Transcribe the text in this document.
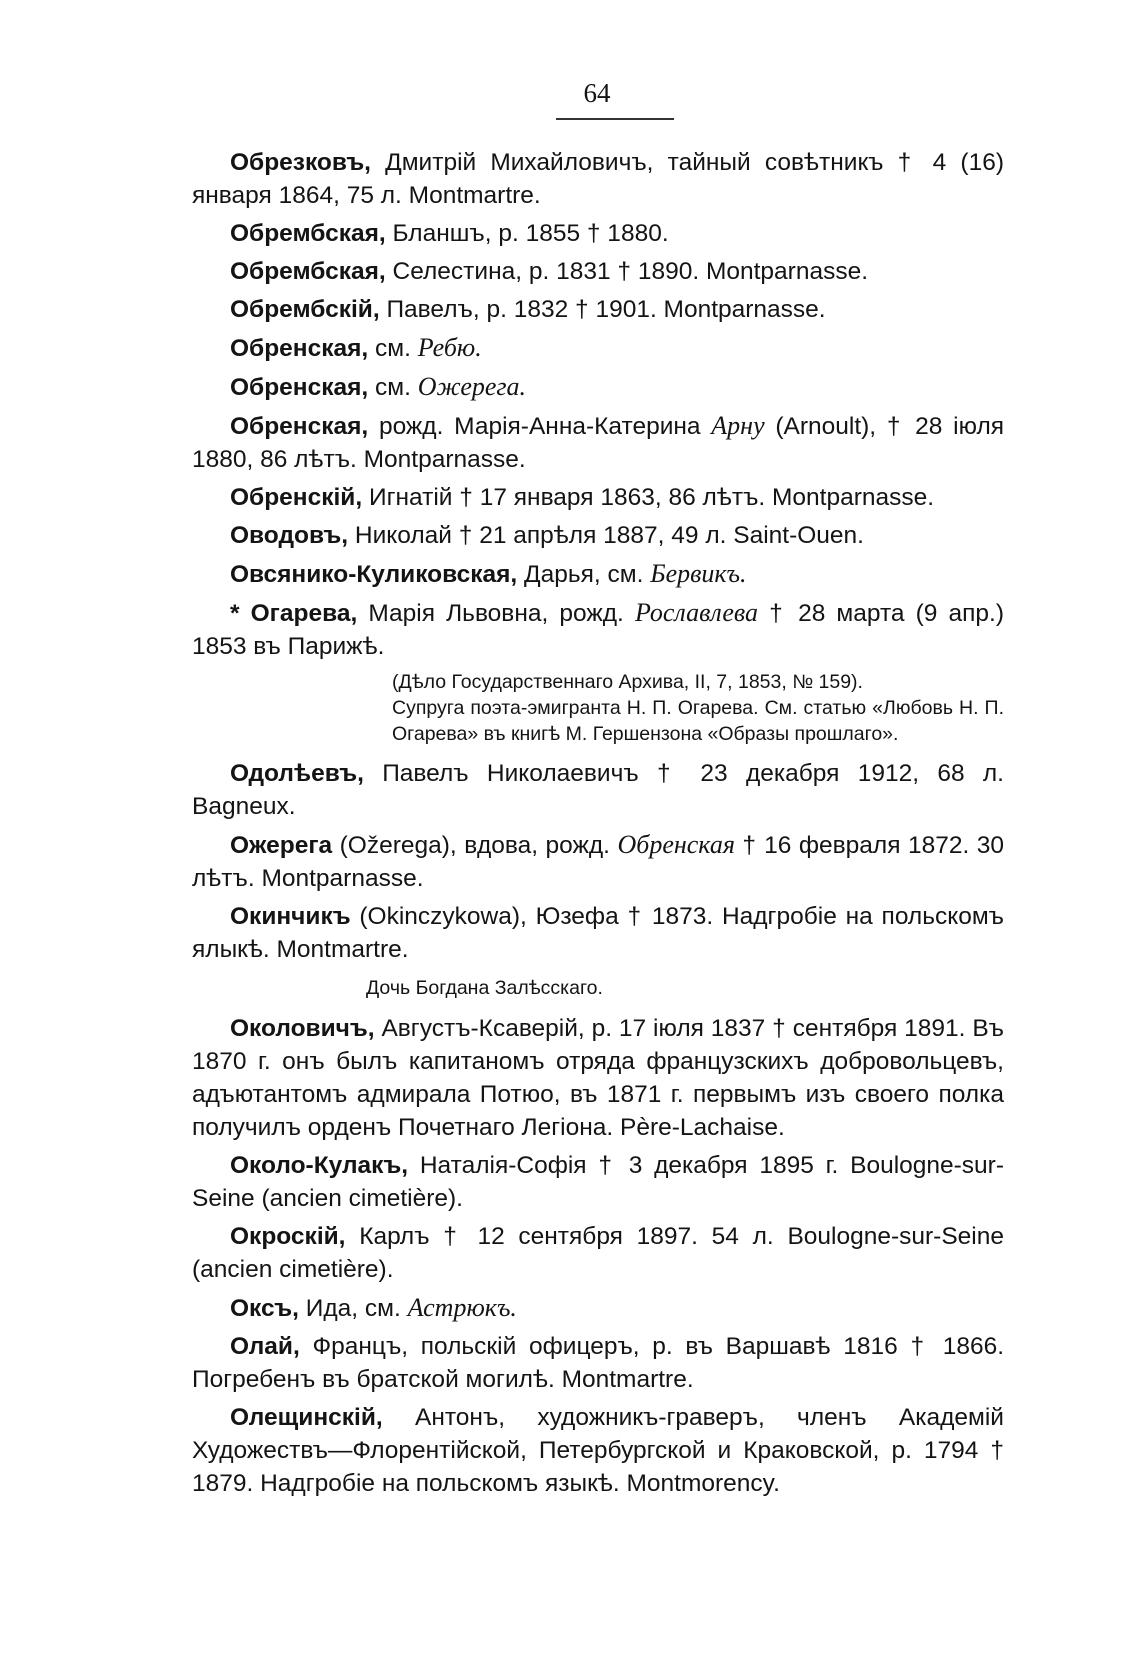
64

Обрезковъ, Дмитрій Михайловичъ, тайный совѣтникъ † 4 (16) января 1864, 75 л. Montmartre.

Обрембская, Бланшъ, р. 1855 † 1880.

Обрембская, Селестина, р. 1831 † 1890. Montparnasse.

Обрембскій, Павелъ, р. 1832 † 1901. Montparnasse.

Обренская, см. Ребю.

Обренская, см. Ожерега.

Обренская, рожд. Марія-Анна-Катерина Арну (Arnoult), † 28 іюля 1880, 86 лѣтъ. Montparnasse.

Обренскій, Игнатій † 17 января 1863, 86 лѣтъ. Montparnasse.

Оводовъ, Николай † 21 апрѣля 1887, 49 л. Saint-Ouen.

Овсянико-Куликовская, Дарья, см. Бервикъ.

* Огарева, Марія Львовна, рожд. Рославлева † 28 марта (9 апр.) 1853 въ Парижѣ.

(Дѣло Государственнаго Архива, II, 7, 1853, № 159).
Супруга поэта-эмигранта Н. П. Огарева. См. статью «Любовь Н. П. Огарева» въ книгѣ М. Гершензона «Образы прошлаго».

Одолѣевъ, Павелъ Николаевичъ † 23 декабря 1912, 68 л. Bagneux.

Ожерега (Ožerega), вдова, рожд. Обренская † 16 февраля 1872. 30 лѣтъ. Montparnasse.

Окинчикъ (Okinczykowa), Юзефа † 1873. Надгробіе на польскомъ ялыкѣ. Montmartre.

Дочь Богдана Залѣсскаго.

Околовичъ, Августъ-Ксаверій, р. 17 іюля 1837 † сентября 1891. Въ 1870 г. онъ былъ капитаномъ отряда французскихъ добровольцевъ, адъютантомъ адмирала Потюо, въ 1871 г. первымъ изъ своего полка получилъ орденъ Почетнаго Легіона. Père-Lachaise.

Около-Кулакъ, Наталія-Софія † 3 декабря 1895 г. Boulogne-sur-Seine (ancien cimetière).

Окроскій, Карлъ † 12 сентября 1897. 54 л. Boulogne-sur-Seine (ancien cimetière).

Оксъ, Ида, см. Астрюкъ.

Олай, Францъ, польскій офицеръ, р. въ Варшавѣ 1816 † 1866. Погребенъ въ братской могилѣ. Montmartre.

Олещинскій, Антонъ, художникъ-граверъ, членъ Академій Художествъ—Флорентійской, Петербургской и Краковской, р. 1794 † 1879. Надгробіе на польскомъ языкѣ. Montmorency.
